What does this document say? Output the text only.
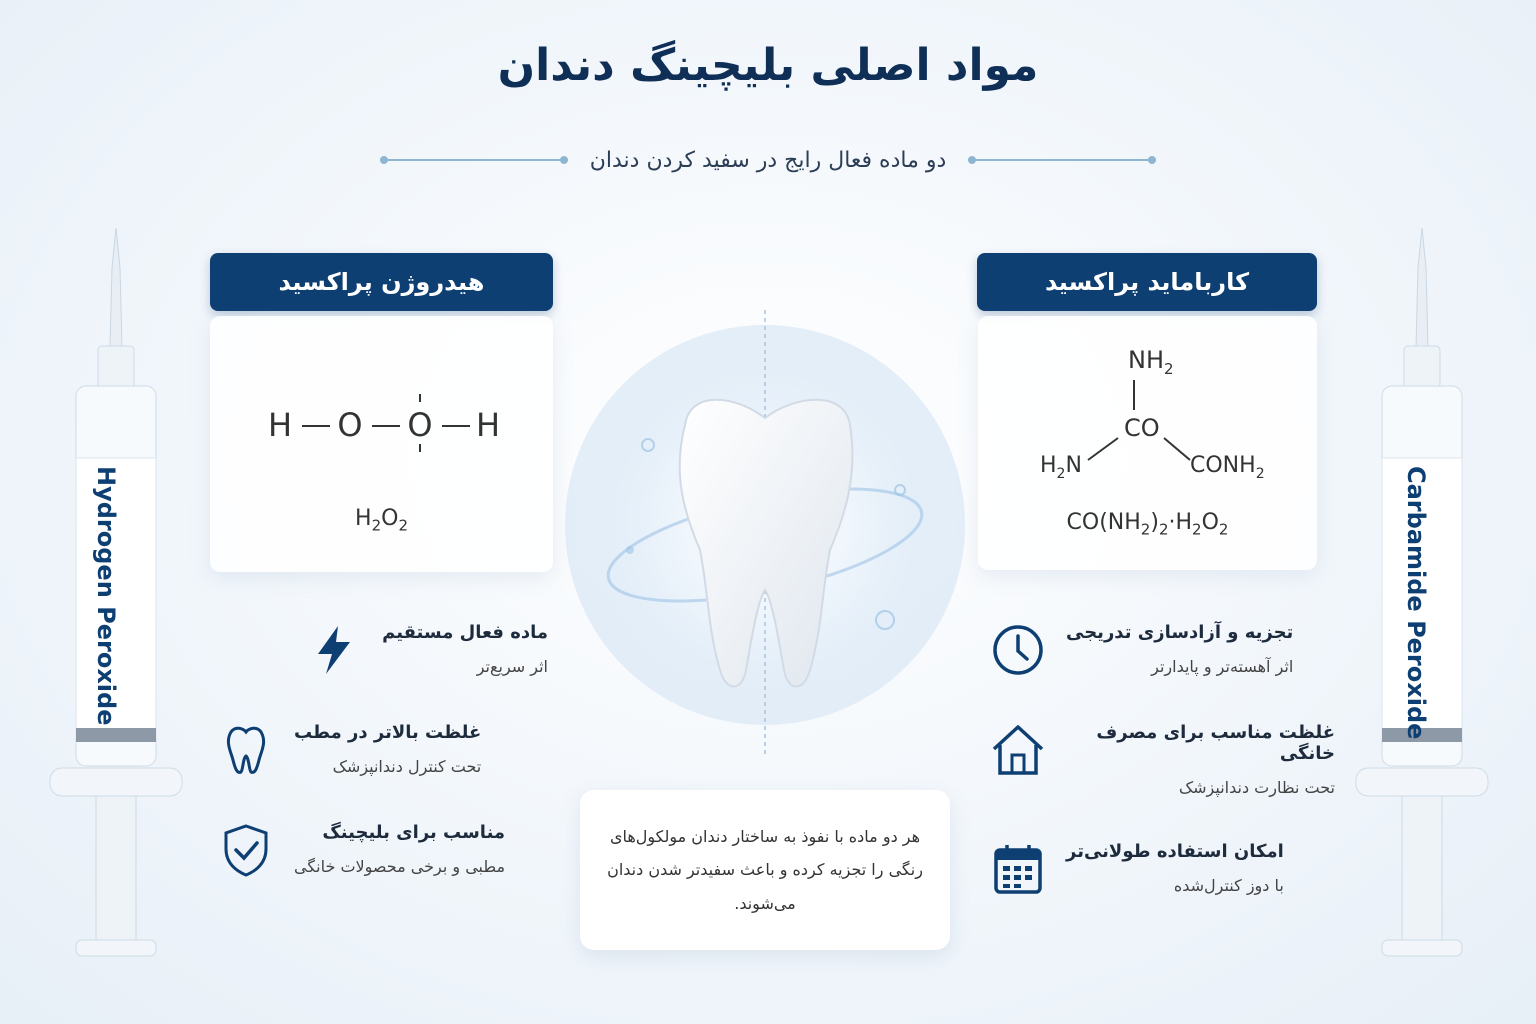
مواد اصلی بلیچینگ دندان
دو ماده فعال رایج در سفید کردن دندان
Hydrogen Peroxide	Carbamide Peroxide
هیدروژن پراکسید
H O O H
$H_2O_2$
کاربامايد پراکسید
$NH_2$
CO
$H_2N$	$CONH_2$
$CO(NH_2)_2\cdot H_2O_2$
ماده فعال مستقیم
اثر سریع‌تر
غلظت بالاتر در مطب
تحت کنترل دندانپزشک
مناسب برای بلیچینگ
مطبی و برخی محصولات خانگی
تجزیه و آزادسازی تدریجی
اثر آهسته‌تر و پایدارتر
غلظت مناسب برای مصرف خانگی
تحت نظارت دندانپزشک
امکان استفاده طولانی‌تر
با دوز کنترل‌شده

هر دو ماده با نفوذ به ساختار دندان مولکول‌های رنگی را تجزیه کرده و باعث سفیدتر شدن دندان می‌شوند.
